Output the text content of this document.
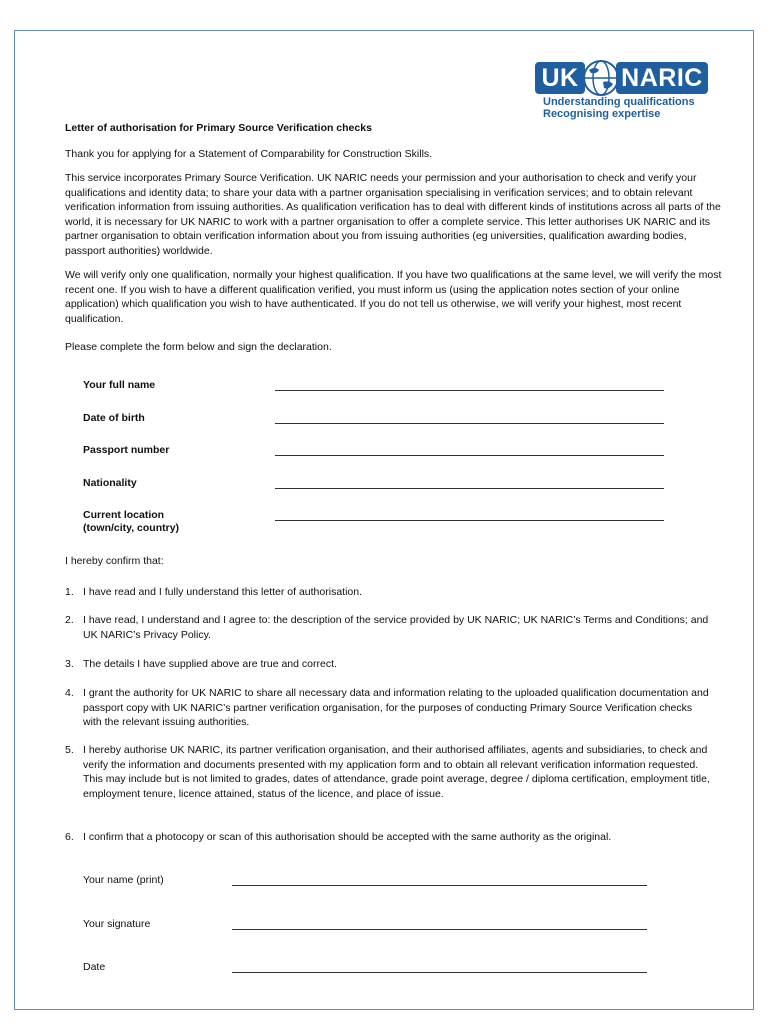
UK NARIC
Understanding qualifications
Recognising expertise
Letter of authorisation for Primary Source Verification checks
Thank you for applying for a Statement of Comparability for Construction Skills.
This service incorporates Primary Source Verification. UK NARIC needs your permission and your authorisation to check and verify your qualifications and identity data; to share your data with a partner organisation specialising in verification services; and to obtain relevant verification information from issuing authorities. As qualification verification has to deal with different kinds of institutions across all parts of the world, it is necessary for UK NARIC to work with a partner organisation to offer a complete service. This letter authorises UK NARIC and its partner organisation to obtain verification information about you from issuing authorities (eg universities, qualification awarding bodies, passport authorities) worldwide.
We will verify only one qualification, normally your highest qualification. If you have two qualifications at the same level, we will verify the most recent one. If you wish to have a different qualification verified, you must inform us (using the application notes section of your online application) which qualification you wish to have authenticated. If you do not tell us otherwise, we will verify your highest, most recent qualification.
Please complete the form below and sign the declaration.
Your full name
Date of birth
Passport number
Nationality
Current location
(town/city, country)
I hereby confirm that:
1. I have read and I fully understand this letter of authorisation.
2. I have read, I understand and I agree to: the description of the service provided by UK NARIC; UK NARIC’s Terms and Conditions; and UK NARIC’s Privacy Policy.
3. The details I have supplied above are true and correct.
4. I grant the authority for UK NARIC to share all necessary data and information relating to the uploaded qualification documentation and passport copy with UK NARIC’s partner verification organisation, for the purposes of conducting Primary Source Verification checks with the relevant issuing authorities.
5. I hereby authorise UK NARIC, its partner verification organisation, and their authorised affiliates, agents and subsidiaries, to check and verify the information and documents presented with my application form and to obtain all relevant verification information requested. This may include but is not limited to grades, dates of attendance, grade point average, degree / diploma certification, employment title, employment tenure, licence attained, status of the licence, and place of issue.
6. I confirm that a photocopy or scan of this authorisation should be accepted with the same authority as the original.
Your name (print)
Your signature
Date
